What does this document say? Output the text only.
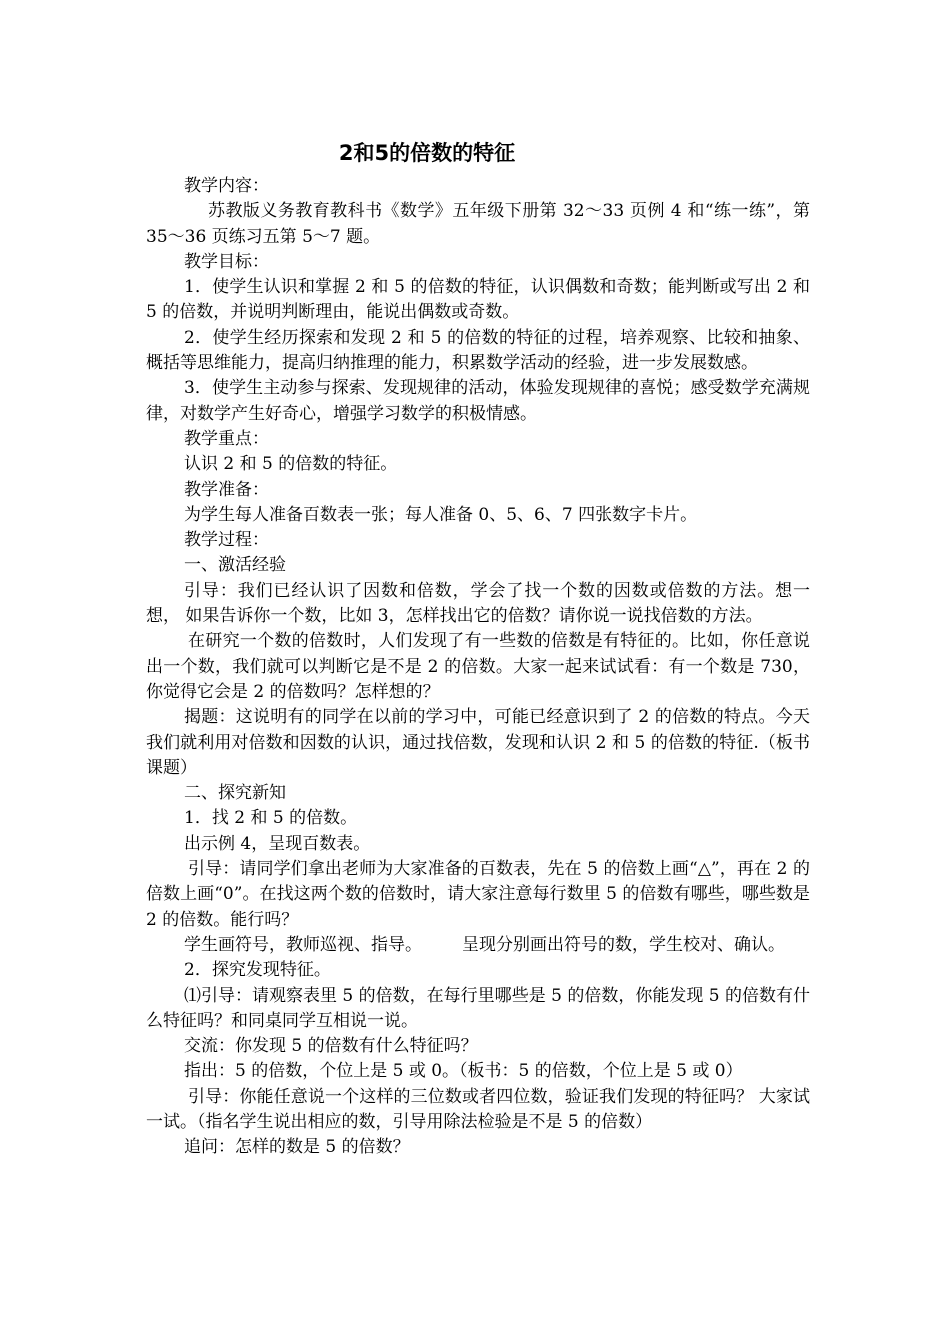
2和5的倍数的特征

教学内容：

苏教版义务教育教科书《数学》五年级下册第 32～33 页例 4 和“练一练”，第 35～36 页练习五第 5～7 题。

教学目标：

1．使学生认识和掌握 2 和 5 的倍数的特征，认识偶数和奇数；能判断或写出 2 和 5 的倍数，并说明判断理由，能说出偶数或奇数。

2．使学生经历探索和发现 2 和 5 的倍数的特征的过程，培养观察、比较和抽象、概括等思维能力，提高归纳推理的能力，积累数学活动的经验，进一步发展数感。

3．使学生主动参与探索、发现规律的活动，体验发现规律的喜悦；感受数学充满规律，对数学产生好奇心，增强学习数学的积极情感。

教学重点：

认识 2 和 5 的倍数的特征。

教学准备：

为学生每人准备百数表一张；每人准备 0、5、6、7 四张数字卡片。

教学过程：

一、激活经验

引导：我们已经认识了因数和倍数，学会了找一个数的因数或倍数的方法。想一想， 如果告诉你一个数，比如 3，怎样找出它的倍数？请你说一说找倍数的方法。

在研究一个数的倍数时，人们发现了有一些数的倍数是有特征的。比如，你任意说出一个数，我们就可以判断它是不是 2 的倍数。大家一起来试试看：有一个数是 730，你觉得它会是 2 的倍数吗？怎样想的？

揭题：这说明有的同学在以前的学习中，可能已经意识到了 2 的倍数的特点。今天我们就利用对倍数和因数的认识，通过找倍数，发现和认识 2 和 5 的倍数的特征.（板书课题）

二、探究新知

1．找 2 和 5 的倍数。

出示例 4，呈现百数表。

引导：请同学们拿出老师为大家准备的百数表，先在 5 的倍数上画“△”，再在 2 的倍数上画“0”。在找这两个数的倍数时，请大家注意每行数里 5 的倍数有哪些，哪些数是 2 的倍数。能行吗？

学生画符号，教师巡视、指导。 呈现分别画出符号的数，学生校对、确认。

2．探究发现特征。

⑴引导：请观察表里 5 的倍数，在每行里哪些是 5 的倍数，你能发现 5 的倍数有什么特征吗？和同桌同学互相说一说。

交流：你发现 5 的倍数有什么特征吗？

指出：5 的倍数，个位上是 5 或 0。（板书：5 的倍数，个位上是 5 或 0）

引导：你能任意说一个这样的三位数或者四位数，验证我们发现的特征吗？ 大家试一试。（指名学生说出相应的数，引导用除法检验是不是 5 的倍数）

追问：怎样的数是 5 的倍数？
